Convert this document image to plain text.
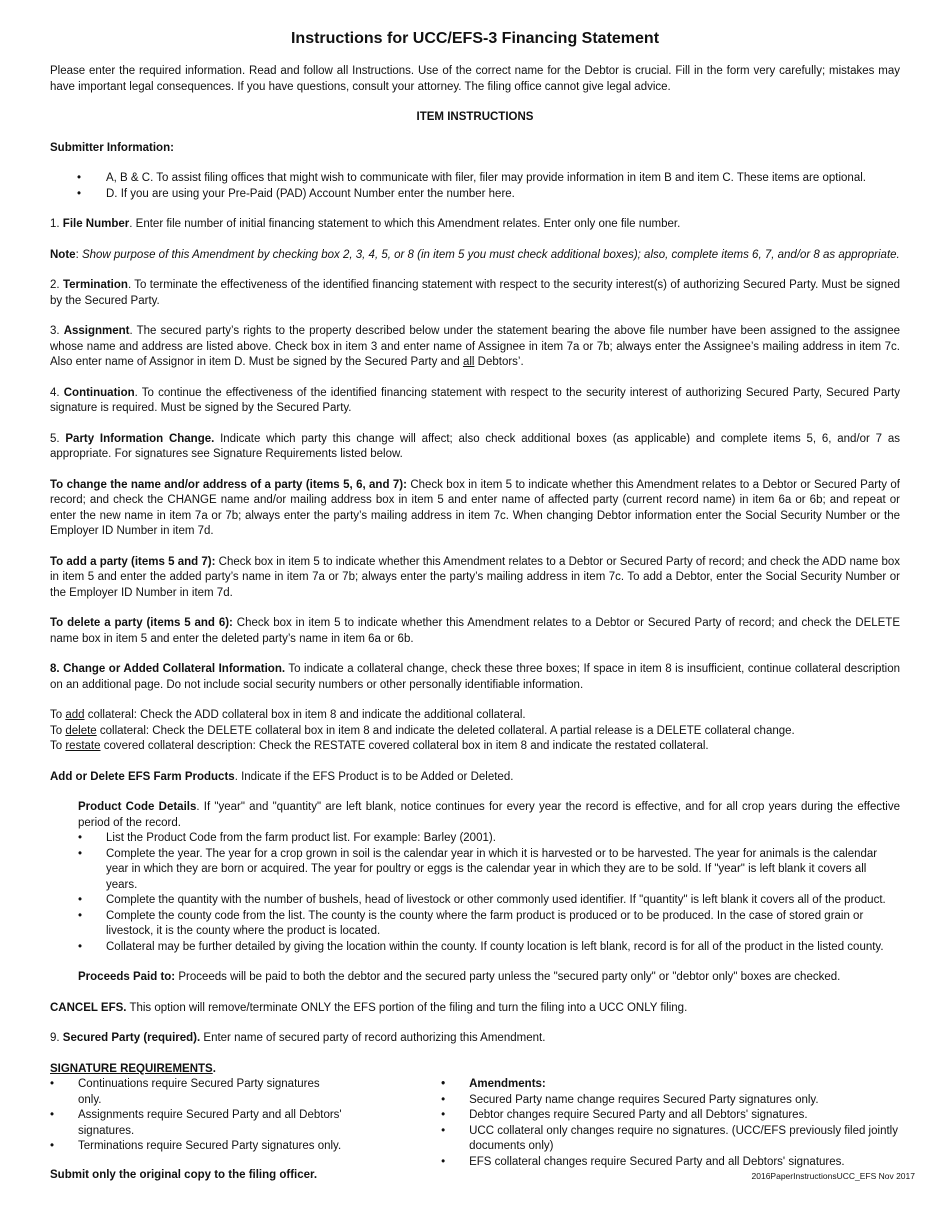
Instructions for UCC/EFS-3 Financing Statement

Please enter the required information. Read and follow all Instructions. Use of the correct name for the Debtor is crucial. Fill in the form very carefully; mistakes may have important legal consequences. If you have questions, consult your attorney. The filing office cannot give legal advice.

ITEM INSTRUCTIONS

Submitter Information:

• A, B & C. To assist filing offices that might wish to communicate with filer, filer may provide information in item B and item C. These items are optional.
• D. If you are using your Pre-Paid (PAD) Account Number enter the number here.

1. File Number. Enter file number of initial financing statement to which this Amendment relates. Enter only one file number.

Note: Show purpose of this Amendment by checking box 2, 3, 4, 5, or 8 (in item 5 you must check additional boxes); also, complete items 6, 7, and/or 8 as appropriate.

2. Termination. To terminate the effectiveness of the identified financing statement with respect to the security interest(s) of authorizing Secured Party. Must be signed by the Secured Party.

3. Assignment. The secured party’s rights to the property described below under the statement bearing the above file number have been assigned to the assignee whose name and address are listed above. Check box in item 3 and enter name of Assignee in item 7a or 7b; always enter the Assignee’s mailing address in item 7c. Also enter name of Assignor in item D. Must be signed by the Secured Party and all Debtors’.

4. Continuation. To continue the effectiveness of the identified financing statement with respect to the security interest of authorizing Secured Party, Secured Party signature is required. Must be signed by the Secured Party.

5. Party Information Change. Indicate which party this change will affect; also check additional boxes (as applicable) and complete items 5, 6, and/or 7 as appropriate. For signatures see Signature Requirements listed below.

To change the name and/or address of a party (items 5, 6, and 7): Check box in item 5 to indicate whether this Amendment relates to a Debtor or Secured Party of record; and check the CHANGE name and/or mailing address box in item 5 and enter name of affected party (current record name) in item 6a or 6b; and repeat or enter the new name in item 7a or 7b; always enter the party’s mailing address in item 7c. When changing Debtor information enter the Social Security Number or the Employer ID Number in item 7d.

To add a party (items 5 and 7): Check box in item 5 to indicate whether this Amendment relates to a Debtor or Secured Party of record; and check the ADD name box in item 5 and enter the added party’s name in item 7a or 7b; always enter the party’s mailing address in item 7c. To add a Debtor, enter the Social Security Number or the Employer ID Number in item 7d.

To delete a party (items 5 and 6): Check box in item 5 to indicate whether this Amendment relates to a Debtor or Secured Party of record; and check the DELETE name box in item 5 and enter the deleted party’s name in item 6a or 6b.

8. Change or Added Collateral Information. To indicate a collateral change, check these three boxes; If space in item 8 is insufficient, continue collateral description on an additional page. Do not include social security numbers or other personally identifiable information.

To add collateral: Check the ADD collateral box in item 8 and indicate the additional collateral.

To delete collateral: Check the DELETE collateral box in item 8 and indicate the deleted collateral. A partial release is a DELETE collateral change.

To restate covered collateral description: Check the RESTATE covered collateral box in item 8 and indicate the restated collateral.

Add or Delete EFS Farm Products. Indicate if the EFS Product is to be Added or Deleted.

Product Code Details. If "year" and "quantity" are left blank, notice continues for every year the record is effective, and for all crop years during the effective period of the record.

• List the Product Code from the farm product list. For example: Barley (2001).
• Complete the year. The year for a crop grown in soil is the calendar year in which it is harvested or to be harvested. The year for animals is the calendar year in which they are born or acquired. The year for poultry or eggs is the calendar year in which they are to be sold. If "year" is left blank it covers all years.
• Complete the quantity with the number of bushels, head of livestock or other commonly used identifier. If "quantity" is left blank it covers all of the product.
• Complete the county code from the list. The county is the county where the farm product is produced or to be produced. In the case of stored grain or livestock, it is the county where the product is located.
• Collateral may be further detailed by giving the location within the county. If county location is left blank, record is for all of the product in the listed county.

Proceeds Paid to: Proceeds will be paid to both the debtor and the secured party unless the "secured party only" or "debtor only" boxes are checked.

CANCEL EFS. This option will remove/terminate ONLY the EFS portion of the filing and turn the filing into a UCC ONLY filing.

9. Secured Party (required). Enter name of secured party of record authorizing this Amendment.

SIGNATURE REQUIREMENTS.

• Continuations require Secured Party signatures only.
• Assignments require Secured Party and all Debtors' signatures.
• Terminations require Secured Party signatures only.
• Amendments:
• Secured Party name change requires Secured Party signatures only.
• Debtor changes require Secured Party and all Debtors' signatures.
• UCC collateral only changes require no signatures. (UCC/EFS previously filed jointly documents only)
• EFS collateral changes require Secured Party and all Debtors' signatures.
Submit only the original copy to the filing officer.	2016PaperInstructionsUCC_EFS Nov 2017
